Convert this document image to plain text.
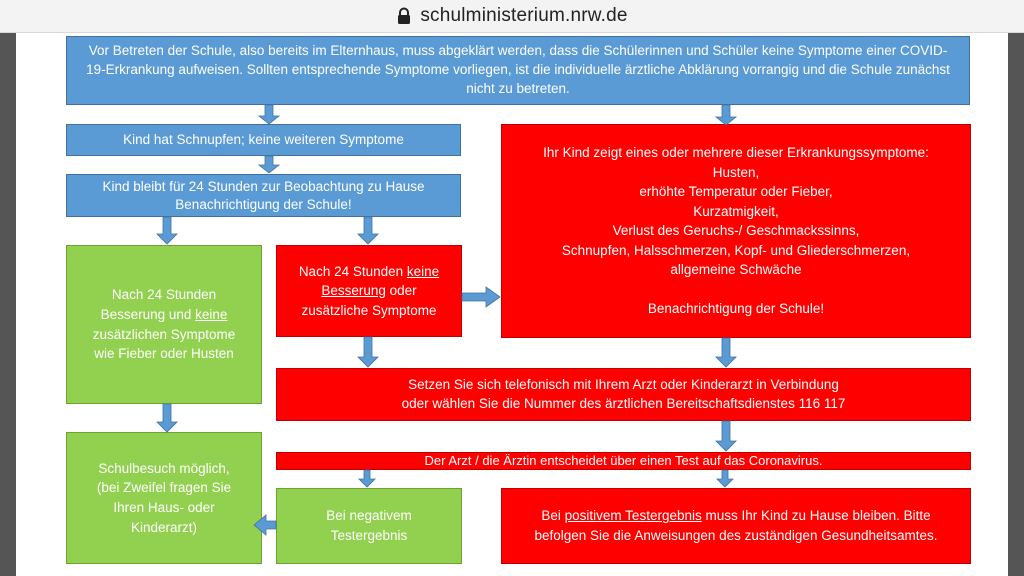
schulministerium.nrw.de
Vor Betreten der Schule, also bereits im Elternhaus, muss abgeklärt werden, dass die Schülerinnen und Schüler keine Symptome einer COVID-19-Erkrankung aufweisen. Sollten entsprechende Symptome vorliegen, ist die individuelle ärztliche Abklärung vorrangig und die Schule zunächst nicht zu betreten.
Kind hat Schnupfen; keine weiteren Symptome
Kind bleibt für 24 Stunden zur Beobachtung zu Hause
Benachrichtigung der Schule!
Ihr Kind zeigt eines oder mehrere dieser Erkrankungssymptome:
Husten,
erhöhte Temperatur oder Fieber,
Kurzatmigkeit,
Verlust des Geruchs-/ Geschmackssinns,
Schnupfen, Halsschmerzen, Kopf- und Gliederschmerzen,
allgemeine Schwäche

Benachrichtigung der Schule!
Nach 24 Stunden Besserung und keine zusätzlichen Symptome wie Fieber oder Husten
Nach 24 Stunden keine Besserung oder zusätzliche Symptome
Setzen Sie sich telefonisch mit Ihrem Arzt oder Kinderarzt in Verbindung
oder wählen Sie die Nummer des ärztlichen Bereitschaftsdienstes 116 117
Der Arzt / die Ärztin entscheidet über einen Test auf das Coronavirus.
Schulbesuch möglich,
(bei Zweifel fragen Sie
Ihren Haus- oder
Kinderarzt)
Bei negativem
Testergebnis
Bei positivem Testergebnis muss Ihr Kind zu Hause bleiben. Bitte befolgen Sie die Anweisungen des zuständigen Gesundheitsamtes.
